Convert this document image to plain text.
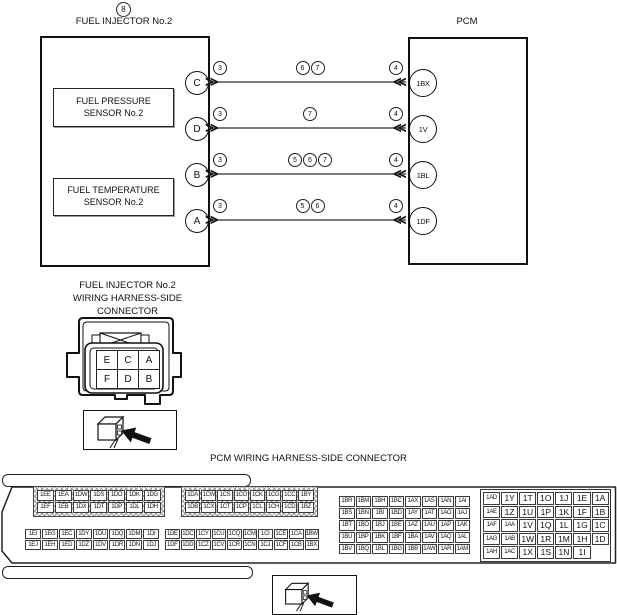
8
FUEL INJECTOR No.2	PCM
FUEL PRESSURE
SENSOR No.2
FUEL TEMPERATURE
SENSOR No.2
C ≫
3	6	7	4
≪	1BX
D ≫
3	7	4
≪	1V
B ≫
3	5	6	7	4
≪	1BL
A ≫
3	5	6	4
≪	1DF
FUEL INJECTOR No.2
WIRING HARNESS-SIDE
CONNECTOR
E	C	A
F	D	B
PCM WIRING HARNESS-SIDE CONNECTOR
1EE	1EA	1DW	1DS	1DO	1DK	1DG
1EF	1EB	1DX	1DT	1DP	1DL	1DH
1DA 1CW 1CS 1CO 1CK 1CG 1CC 1BY
1DB 1CX 1CT 1CP 1CL 1CH 1CD 1BZ
1EI	1EG 1EC	1DY 1DU 1DQ 1DM	1DI
1EJ	1EH	1ED	1DZ	1DV 1DR 1DN	1DJ
1DE 1DC 1CY 1CU 1CQ 1CM 1CI 1CE 1CA 1BW
1DF 1DD 1CZ 1CV 1CR 1CN 1CJ 1CF 1CB 1BX
1BR 1BM 1BH 1BC 1AX	1AS 1AN	1AI
1BS 1BN	1BI	1BD	1AY	1AT	1AO	1AJ
1BT 1BO	1BJ	1BE	1AZ	1AU 1AP	1AK
1BU 1BP	1BK	1BF	1BA	1AV 1AQ	1AL
1BV 1BQ	1BL	1BG 1BB 1AW 1AR 1AM
1AD 1Y 1T 1O 1J 1E 1A
1AE 1Z 1U 1P 1K 1F 1B
1AF	1AA 1V 1Q 1L 1G 1C
1AG	1AB 1W 1R 1M 1H 1D
1AH	1AC 1X 1S 1N	1I
